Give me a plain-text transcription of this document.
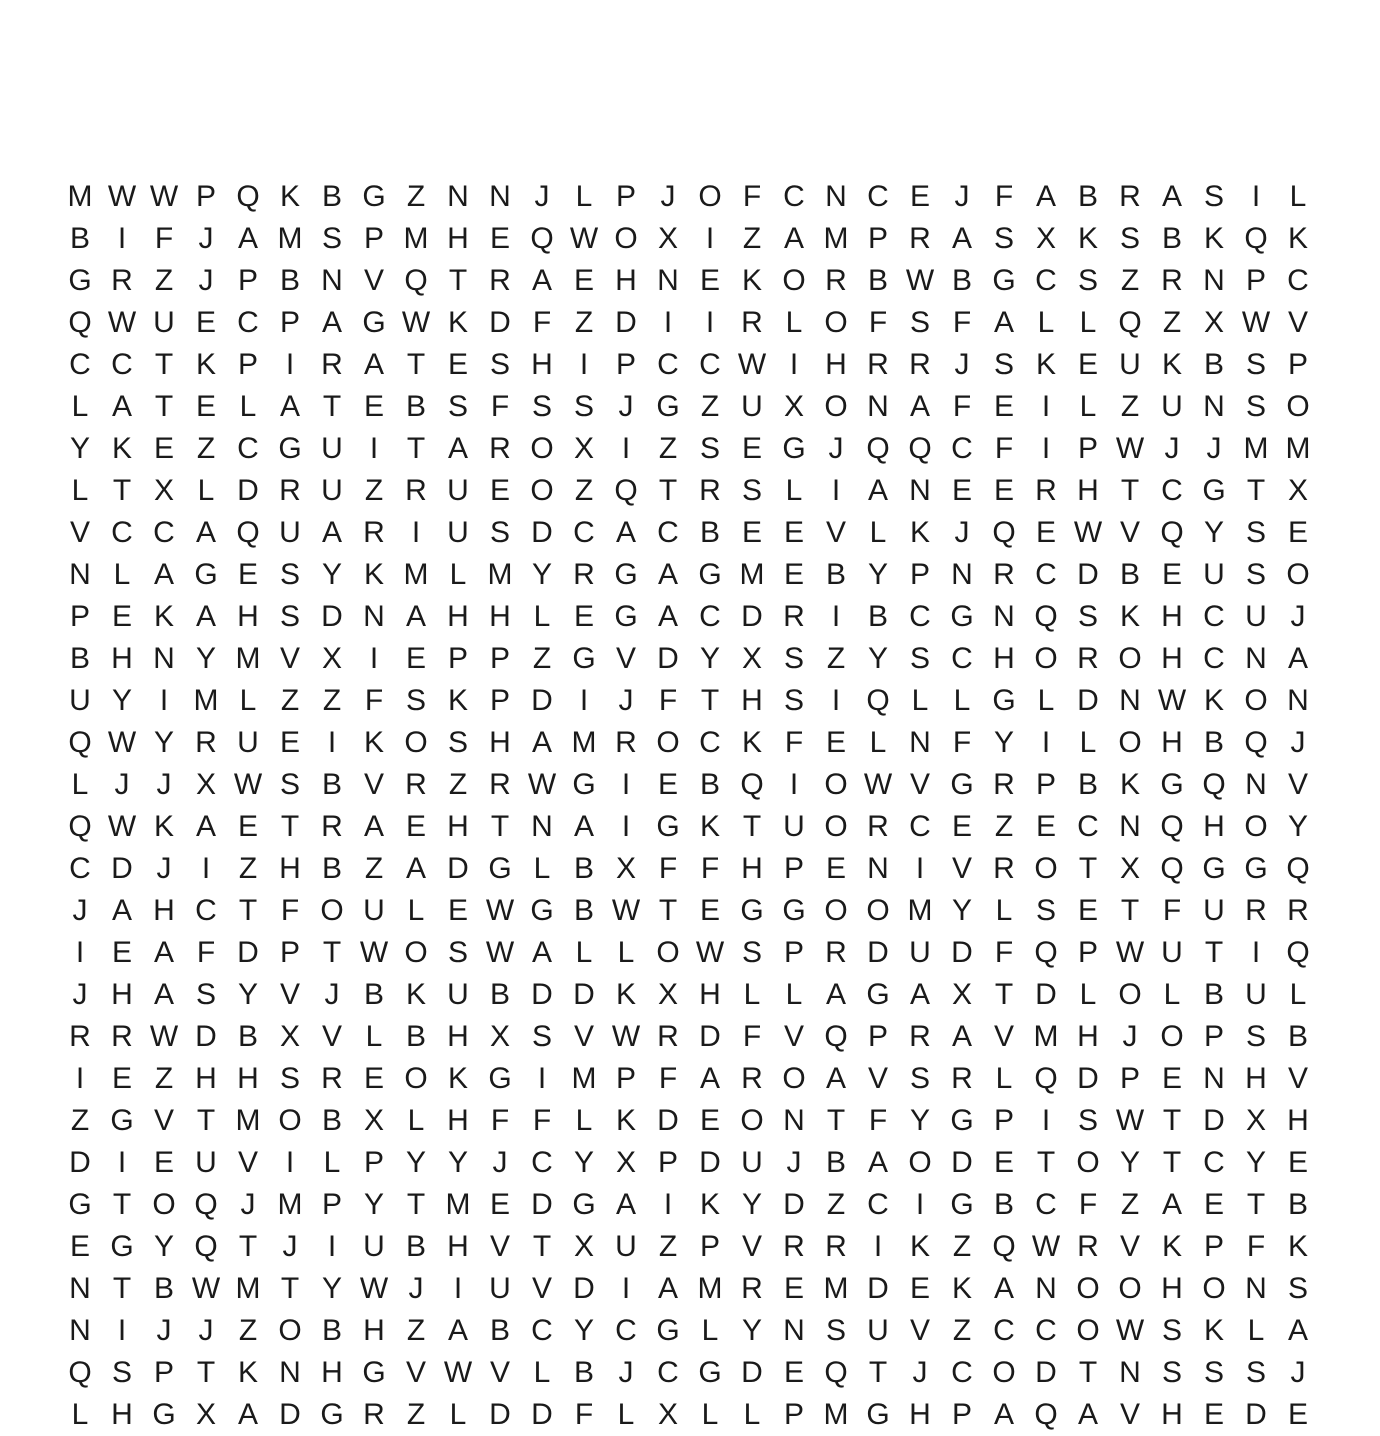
M W W P Q K B G Z N N J L P J O F C N C E J F A B R A S I L
B I F J A M S P M H E Q W O X I Z A M P R A S X K S B K Q K
G R Z J P B N V Q T R A E H N E K O R B W B G C S Z R N P C
Q W U E C P A G W K D F Z D I	I R L O F S F A L L Q Z X W V
C C T K P I R A T E S H I P C C W I H R R J S K E U K B S P
L A T E L A T E B S F S S J G Z U X O N A F E I L Z U N S O
Y K E Z C G U I T A R O X I Z S E G J Q Q C F I P W J J M M
L T X L D R U Z R U E O Z Q T R S L I A N E E R H T C G T X
V C C A Q U A R I U S D C A C B E E V L K J Q E W V Q Y S E
N L A G E S Y K M L M Y R G A G M E B Y P N R C D B E U S O
P E K A H S D N A H H L E G A C D R I B C G N Q S K H C U J
B H N Y M V X I E P P Z G V D Y X S Z Y S C H O R O H C N A
U Y I M L Z Z F S K P D I	J F T H S I Q L L G L D N W K O N
Q W Y R U E I K O S H A M R O C K F E L N F Y I L O H B Q J
L J J X W S B V R Z R W G I E B Q I O W V G R P B K G Q N V
Q W K A E T R A E H T N A I G K T U O R C E Z E C N Q H O Y
C D J	I Z H B Z A D G L B X F F H P E N I V R O T X Q G G Q
J A H C T F O U L E W G B W T E G G O O M Y L S E T F U R R
I E A F D P T W O S W A L L O W S P R D U D F Q P W U T I Q
J H A S Y V J B K U B D D K X H L L A G A X T D L O L B U L
R R W D B X V L B H X S V W R D F V Q P R A V M H J O P S B
I E Z H H S R E O K G I M P F A R O A V S R L Q D P E N H V
Z G V T M O B X L H F F L K D E O N T F Y G P I S W T D X H
D I E U V I L P Y Y J C Y X P D U J B A O D E T O Y T C Y E
G T O Q J M P Y T M E D G A I K Y D Z C I G B C F Z A E T B
E G Y Q T J	I U B H V T X U Z P V R R I K Z Q W R V K P F K
N T B W M T Y W J	I U V D I A M R E M D E K A N O O H O N S
N I	J J Z O B H Z A B C Y C G L Y N S U V Z C C O W S K L A
Q S P T K N H G V W V L B J C G D E Q T J C O D T N S S S J
L H G X A D G R Z L D D F L X L L P M G H P A Q A V H E D E
